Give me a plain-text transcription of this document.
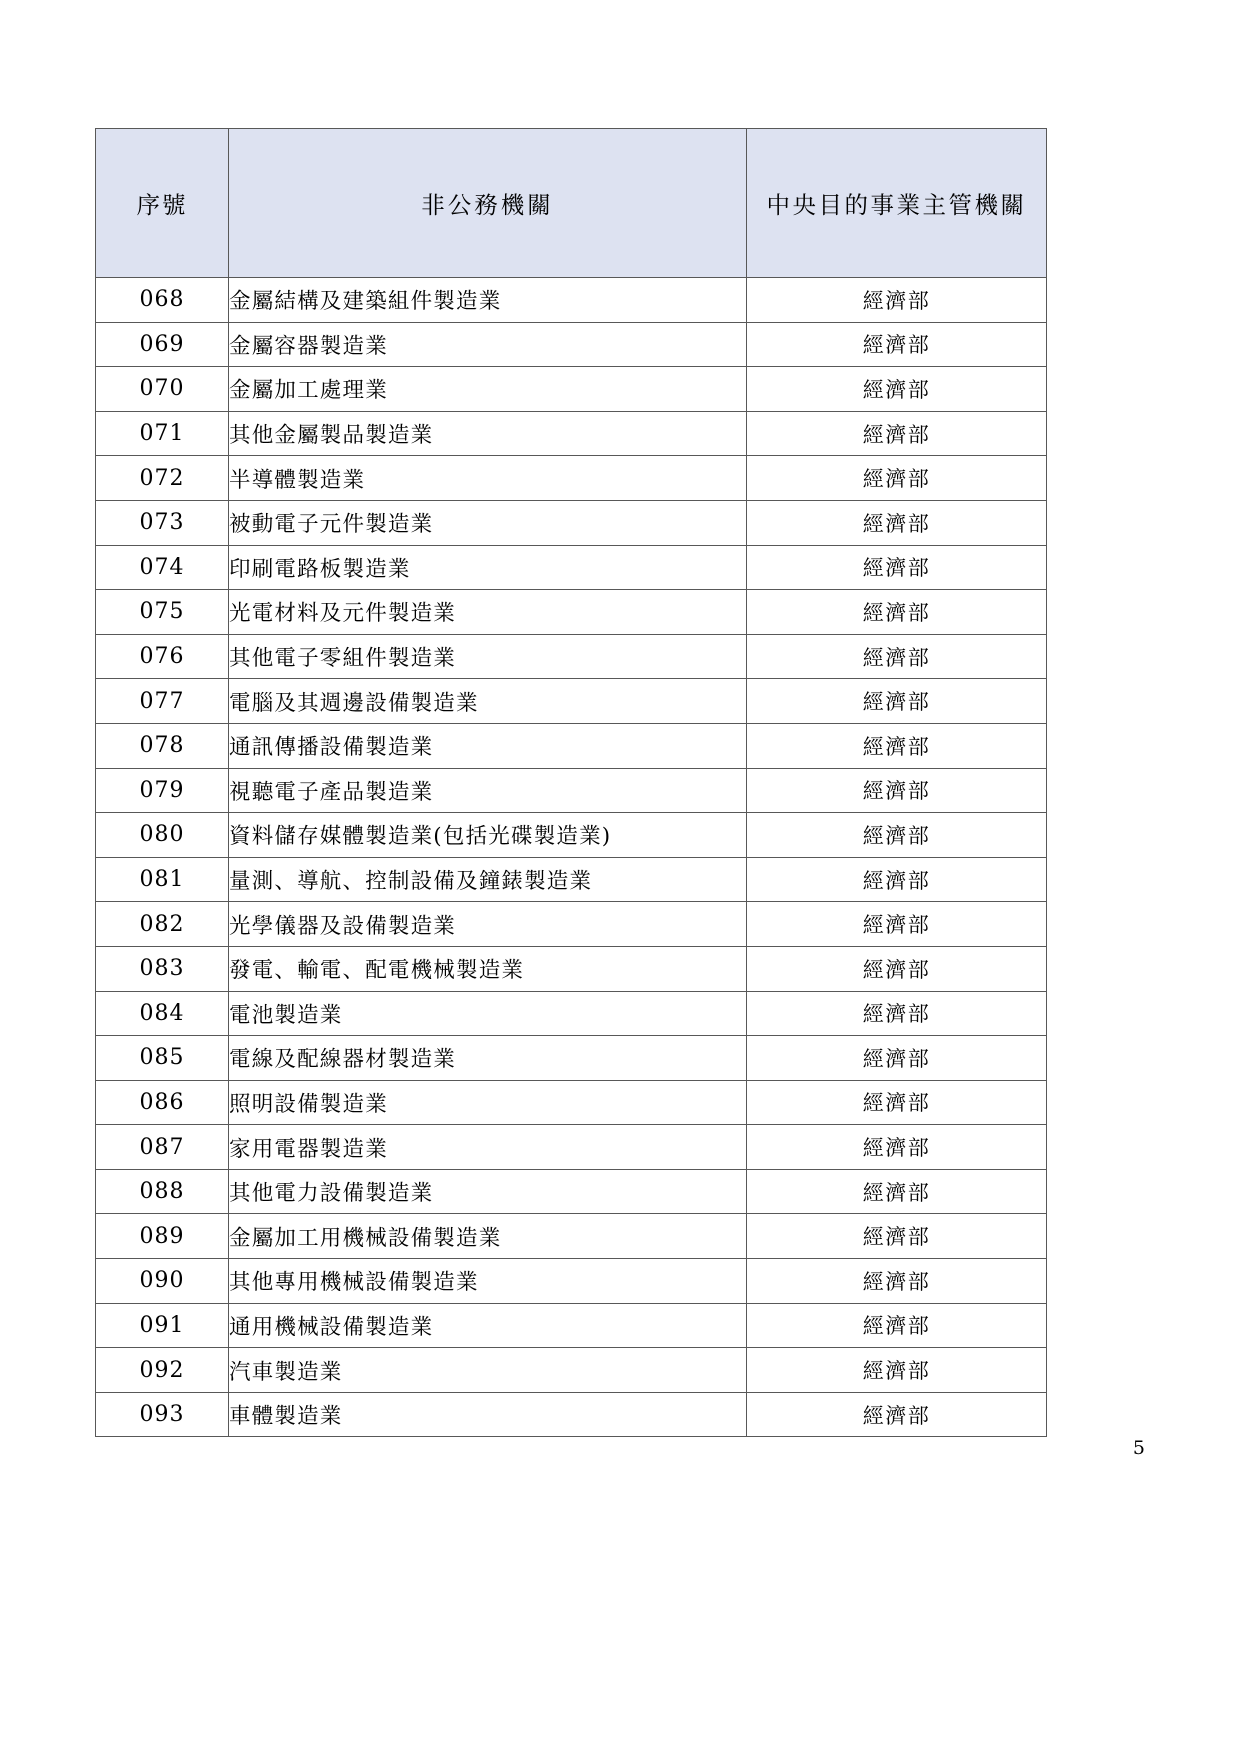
序號	非公務機關	中央目的事業主管機關
068	金屬結構及建築組件製造業	經濟部
069	金屬容器製造業	經濟部
070	金屬加工處理業	經濟部
071	其他金屬製品製造業	經濟部
072	半導體製造業	經濟部
073	被動電子元件製造業	經濟部
074	印刷電路板製造業	經濟部
075	光電材料及元件製造業	經濟部
076	其他電子零組件製造業	經濟部
077	電腦及其週邊設備製造業	經濟部
078	通訊傳播設備製造業	經濟部
079	視聽電子產品製造業	經濟部
080	資料儲存媒體製造業(包括光碟製造業)	經濟部
081	量測、導航、控制設備及鐘錶製造業	經濟部
082	光學儀器及設備製造業	經濟部
083	發電、輸電、配電機械製造業	經濟部
084	電池製造業	經濟部
085	電線及配線器材製造業	經濟部
086	照明設備製造業	經濟部
087	家用電器製造業	經濟部
088	其他電力設備製造業	經濟部
089	金屬加工用機械設備製造業	經濟部
090	其他專用機械設備製造業	經濟部
091	通用機械設備製造業	經濟部
092	汽車製造業	經濟部
093	車體製造業	經濟部
5
